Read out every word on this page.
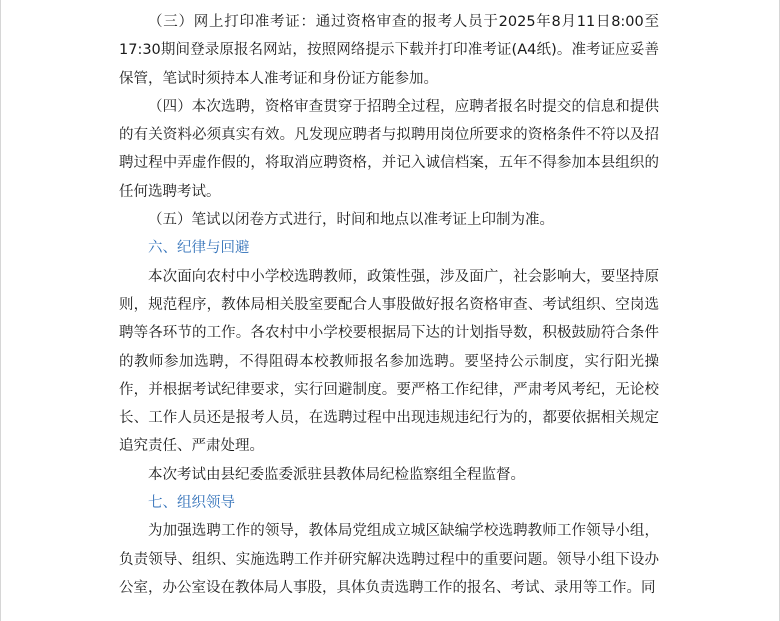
（三）网上打印准考证：通过资格审查的报考人员于2025年8月11日8:00至17:30期间登录原报名网站，按照网络提示下载并打印准考证(A4纸)。准考证应妥善保管，笔试时须持本人准考证和身份证方能参加。

（四）本次选聘，资格审查贯穿于招聘全过程，应聘者报名时提交的信息和提供的有关资料必须真实有效。凡发现应聘者与拟聘用岗位所要求的资格条件不符以及招聘过程中弄虚作假的，将取消应聘资格，并记入诚信档案，五年不得参加本县组织的任何选聘考试。

（五）笔试以闭卷方式进行，时间和地点以准考证上印制为准。

六、纪律与回避

本次面向农村中小学校选聘教师，政策性强，涉及面广，社会影响大，要坚持原则，规范程序，教体局相关股室要配合人事股做好报名资格审查、考试组织、空岗选聘等各环节的工作。各农村中小学校要根据局下达的计划指导数，积极鼓励符合条件的教师参加选聘，不得阻碍本校教师报名参加选聘。要坚持公示制度，实行阳光操作，并根据考试纪律要求，实行回避制度。要严格工作纪律，严肃考风考纪，无论校长、工作人员还是报考人员，在选聘过程中出现违规违纪行为的，都要依据相关规定追究责任、严肃处理。

本次考试由县纪委监委派驻县教体局纪检监察组全程监督。

七、组织领导

为加强选聘工作的领导，教体局党组成立城区缺编学校选聘教师工作领导小组，负责领导、组织、实施选聘工作并研究解决选聘过程中的重要问题。领导小组下设办公室，办公室设在教体局人事股，具体负责选聘工作的报名、考试、录用等工作。同
